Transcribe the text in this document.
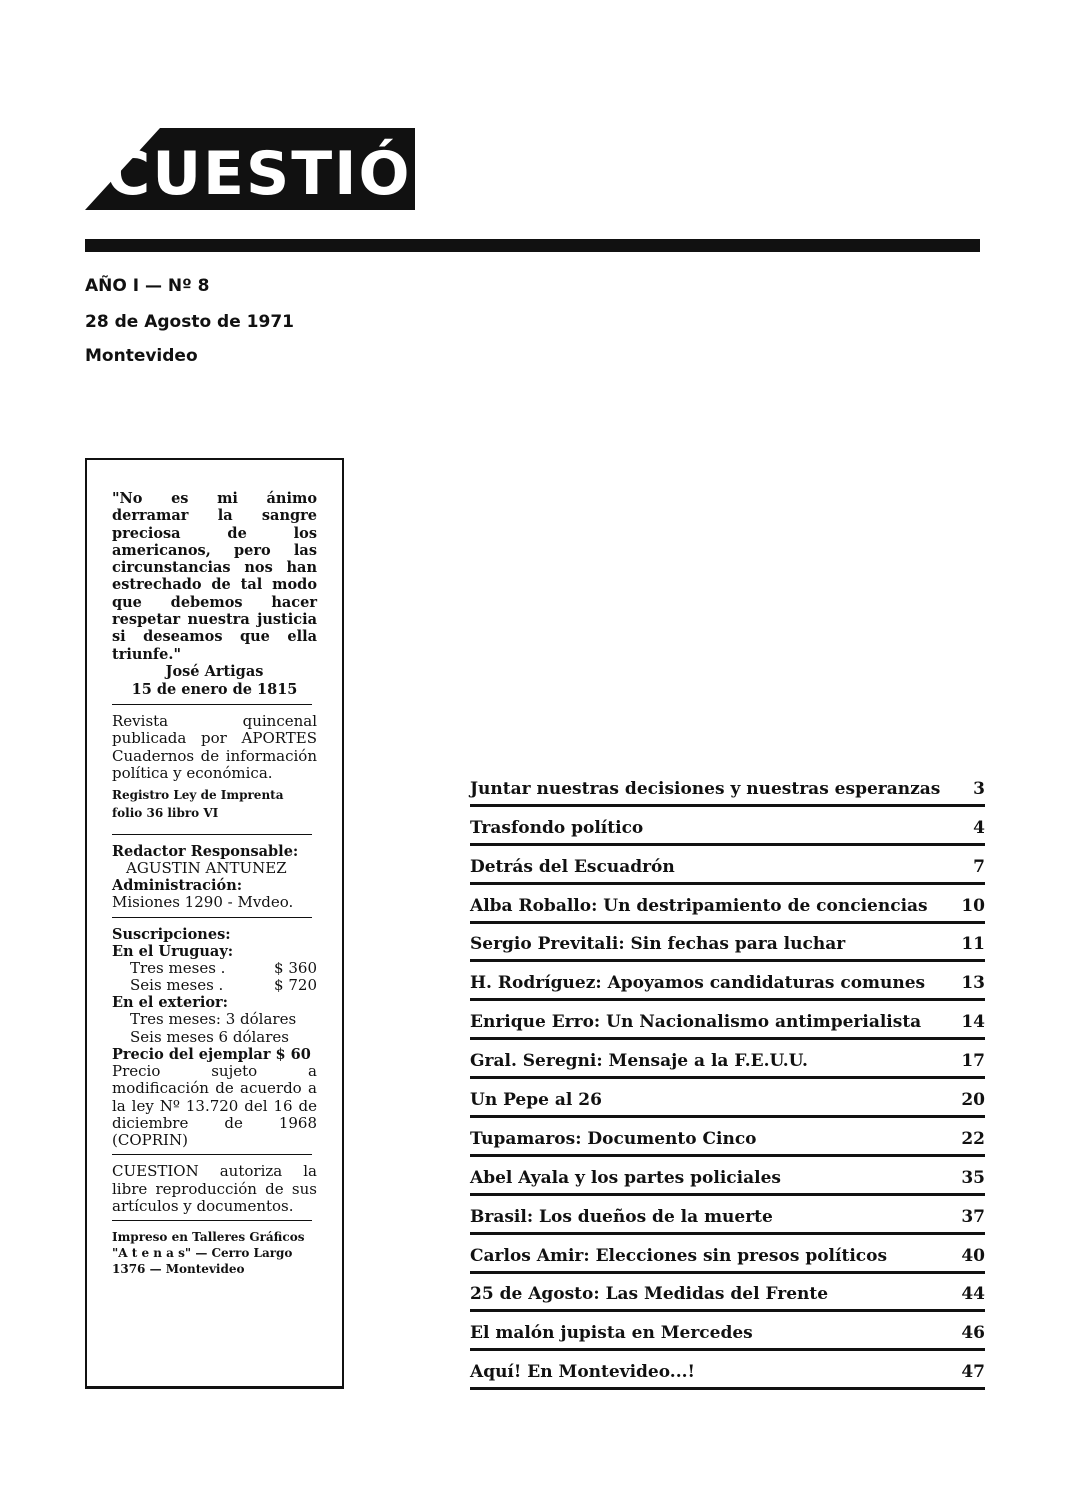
CUESTIÓN
AÑO I — Nº 8
28 de Agosto de 1971
Montevideo
"No es mi ánimo derramar la sangre preciosa de los americanos, pero las circunstancias nos han estrechado de tal modo que debemos hacer respetar nuestra justicia si deseamos que ella triunfe."
José Artigas
15 de enero de 1815
Revista quincenal publicada por APORTES Cuadernos de información política y económica.
Registro Ley de Imprenta folio 36 libro VI
Redactor Responsable:
AGUSTIN ANTUNEZ
Administración:
Misiones 1290 - Mvdeo.
Suscripciones:
En el Uruguay:
Tres meses .	$ 360
Seis meses .	$ 720
En el exterior:
Tres meses: 3 dólares
Seis meses 6 dólares
Precio del ejemplar $ 60
Precio sujeto a modificación de acuerdo a la ley Nº 13.720 del 16 de diciembre de 1968 (COPRIN)
CUESTION autoriza la libre reproducción de sus artículos y documentos.
Impreso en Talleres Gráficos "A t e n a s" — Cerro Largo 1376 — Montevideo
Juntar nuestras decisiones y nuestras esperanzas	3
Trasfondo político	4
Detrás del Escuadrón	7
Alba Roballo: Un destripamiento de conciencias	10
Sergio Previtali: Sin fechas para luchar	11
H. Rodríguez: Apoyamos candidaturas comunes	13
Enrique Erro: Un Nacionalismo antimperialista	14
Gral. Seregni: Mensaje a la F.E.U.U.	17
Un Pepe al 26	20
Tupamaros: Documento Cinco	22
Abel Ayala y los partes policiales	35
Brasil: Los dueños de la muerte	37
Carlos Amir: Elecciones sin presos políticos	40
25 de Agosto: Las Medidas del Frente	44
El malón jupista en Mercedes	46
Aquí! En Montevideo...!	47
